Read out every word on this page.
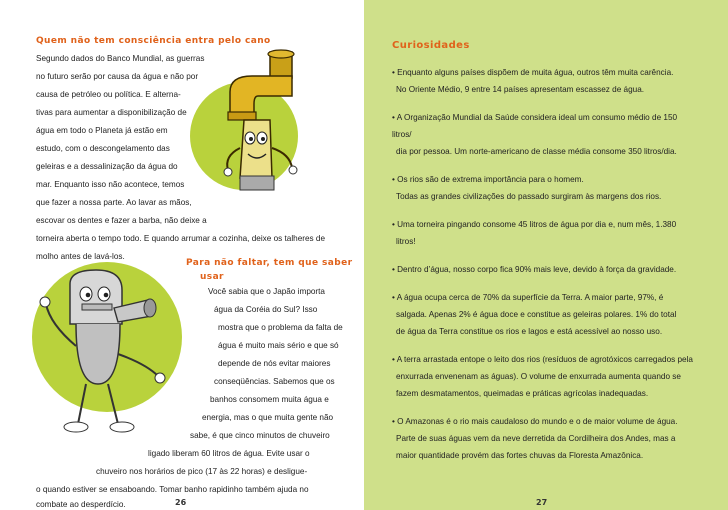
Quem não tem consciência entra pelo cano
Segundo dados do Banco Mundial, as guerras
no futuro serão por causa da água e não por
causa de petróleo ou política. E alterna-
tivas para aumentar a disponibilização de
água em todo o Planeta já estão em
estudo, com o descongelamento das
geleiras e a dessalinização da água do
mar. Enquanto isso não acontece, temos
que fazer a nossa parte. Ao lavar as mãos,
escovar os dentes e fazer a barba, não deixe a
torneira aberta o tempo todo. E quando arrumar a cozinha, deixe os talheres de
molho antes de lavá-los.
Para não faltar, tem que saber
usar
Você sabia que o Japão importa
água da Coréia do Sul? Isso
mostra que o problema da falta de
água é muito mais sério e que só
depende de nós evitar maiores
conseqüências. Sabemos que os
banhos consomem muita água e
energia, mas o que muita gente não
sabe, é que cinco minutos de chuveiro
ligado liberam 60 litros de água. Evite usar o
chuveiro nos horários de pico (17 às 22 horas) e desligue-
o quando estiver se ensaboando. Tomar banho rapidinho também ajuda no
combate ao desperdício.	26
Curiosidades
27
• Enquanto alguns países dispõem de muita água, outros têm muita carência.
No Oriente Médio, 9 entre 14 países apresentam escassez de água.
• A Organização Mundial da Saúde considera ideal um consumo médio de 150 litros/
dia por pessoa. Um norte-americano de classe média consome 350 litros/dia.
• Os rios são de extrema importância para o homem.
Todas as grandes civilizações do passado surgiram às margens dos rios.
• Uma torneira pingando consome 45 litros de água por dia e, num mês, 1.380
litros!
• Dentro d’água, nosso corpo fica 90% mais leve, devido à força da gravidade.
• A água ocupa cerca de 70% da superfície da Terra. A maior parte, 97%, é
salgada. Apenas 2% é água doce e constitue as geleiras polares. 1% do total
de água da Terra constitue os rios e lagos e está acessível ao nosso uso.
• A terra arrastada entope o leito dos rios (resíduos de agrotóxicos carregados pela
enxurrada envenenam as águas). O volume de enxurrada aumenta quando se
fazem desmatamentos, queimadas e práticas agrícolas inadequadas.
• O Amazonas é o rio mais caudaloso do mundo e o de maior volume de água.
Parte de suas águas vem da neve derretida da Cordilheira dos Andes, mas a
maior quantidade provém das fortes chuvas da Floresta Amazônica.
